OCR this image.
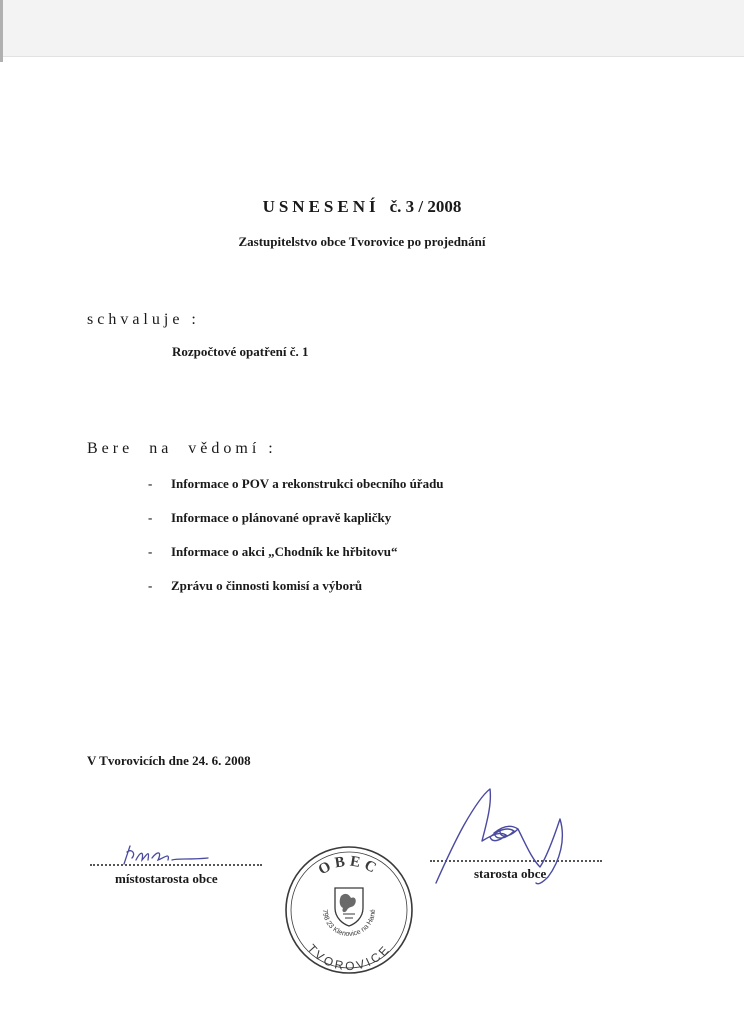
USNESENÍ č. 3 / 2008
Zastupitelstvo obce Tvorovice po projednání
schvaluje :
Rozpočtové opatření č. 1
Bere  na  vědomí :
- Informace o POV a rekonstrukci obecního úřadu
- Informace o plánované opravě kapličky
- Informace o akci „Chodník ke hřbitovu“
- Zprávu o činnosti komisí a výborů
V Tvorovicích dne 24. 6. 2008
místostarosta obce	starosta obce
OBEC
TVOROVICE
798 23 Klenovice na Hané
